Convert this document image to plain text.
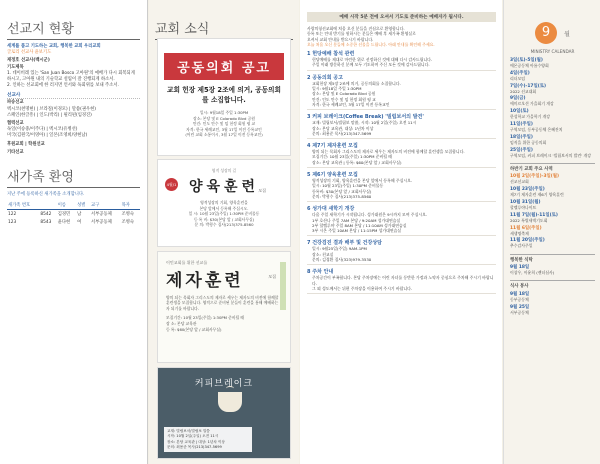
선교지 현황
세계를 품고 기도하는 교회, 행복한 교회 우리교회
글로리 선교사 윤보기도
재정호 선교사(백시군)
기도제목
1. 데이비레 있는 'San Juan Bosco 고아원'의 예배가 다시 회복되게 하시고, 고아원 내의 기술학교 설립이 잘 진행되게 하소서.
2. 인하는 선교회에 한 러지면 언서와 독회위를 보내 주소서.
선교사
파송선교
멕시코(천명현) | 브라질(이경모) | 말씀(권우현)
스페인(한글흥) | 인도(박리) | 필리핀(임경진)
협력선교
독일(이승중/이주다) | 멕시코(유병선)
미국(김원국/이영아) | 일본(조영희/양현남)
후원교회 | 학원선교
기타선교
새가족 환영
지난 주에 등록하신 새가족을 소개합니다.
새가족 번호		이름	성별	교구	목자
122	8542	김경민	남	서부공동체	조병숙
123	8543	윤다현	여	서부공동체	조병숙
교회 소식
공동의회 공고
교회 헌장 제5장 2조에 의거, 공동의회를 소집합니다.
일시: 9월18일 주일 1:30PM
장소: 본당 및 E Colorado Blvd 공원
안건: 인도 안수 및 임 헌정 회원 평 교
자격: 한국 세례교인, 3월 17일 이전 등록교인
(어린 교회 소통이시, 3월 17일 이전 등록교인)
4월/1
영적 성장의 길
양육훈련 모집
영적성장의 기회, 양육훈련을
본당 앞에서 등록해 주십시오.
일 시: 10월 23일(주일) 1:30PM 준비물동
등 록 비: $30(본당 앞 / 교회사무실)
문 의: 박형수 집사(213)375-8560
이민교회를 위한 선교를
제자훈련	모집
양의 되는 목회자 그리스도의 제자로 세우는 제자도의 비전에 함께할 훈련생을 모집합니다. 영적으로 준비된 분들이 훈련을 통해 예배하는 자 되기를 바랍니다.
모집기간: 10월 23일(주일) 1:30PM 준비될 때
장 소: 본당 교육관
등 록: $60(본당 앞 / 교회사무실)
커피브레이크
교재: 빌립보서/빌립보 말씀
시작: 10월 2일(주일) 오전 11시
장소: 본당 교육관 | 대상: 1년차 이상
문의: 최용준 목사(213)347-5699
예배 시작 5분 전에 오셔서 기도로 준비하는 예배자가 됩시다.
사랑의청선교회에 처음 오신 분들을 진심으로 환영합니다.
등록 또는 안내 받기를 원하시는 분들은 예배 후 새가족 환영실로
오셔서 교회 안내를 받으시기 바랍니다.
오늘 처음 오신 분들께 소중한 선물을 드립니다. 아래 안내를 확인해 주세요.
1 헌당예배 참석 관련
헌당예배를 제대로 마련한 위로 선정하신 것에 대해 다시 감사드립니다.
주일 이래 방문하신 분께 모두 기도하며 주신 모든 것에 감사드립니다.
2 공동의회 공고
교회헌장 제5장 2조에 의거, 공동의회를 소집합니다.
일시: 9월18일 주일 1:30PM
장소: 본당 및 E Colorado Blvd 공원
안건: 인도 안수 및 임 헌정 회원 평 교
자격: 한국 세례교인, 3월 17일 이전 등록교인
3 커피 브레이크(Coffee Break) '빌립보서의 발견'
교재: 빌립보서/빌립보 말씀, 시작: 10월 2일(주일) 오전 11시
장소: 본당 교육관, 대상: 1년차 이상
문의: 최용준 목사(213)347-5699
4 제7기 제자훈련 모집
양의 되는 목회자 그리스도의 제자로 세우는 제자도의 비전에 함께할 훈련생을 모집합니다.
모집기간: 10월 23일(주일) 1:30PM 준비될 때
장소: 본당 교육관 | 등록: $60(본당 앞 / 교회사무실)
5 제6기 양육훈련 모집
영적성장의 기회, 양육훈련을 본당 앞에서 등록해 주십시오.
일시: 10월 23일(주일) 1:30PM 준비물동
등록비: $30(본당 앞 / 교회사무실)
문의: 박형수 집사(213)375-8560
6 성가대 새학기 개강
다음 주일 새학기가 시작됩니다. 성가대원은 9시까지 모여 주십시오.
1부 호산나 주일 7AM 본당 / 9:20AM 성가대연습실
2부 할렐루야 주일 8AM 본당 / 11:10AM 성가대연습실
3부 시온 주일 10AM 본당 / 11:15PM 성가대연습실
7 건강검진 결과 배부 및 건강상담
일시: 9월25일(주일) 9AM-1PM
장소: 친교실
문의: 김경환 집사(323)979-3530
8 주차 안내
주차공간이 부족합니다. 본당 주차장에는 어린 자녀를 동반한 가정과 노약자 중심으로 주차해 주시기 바랍니다.
그 외 성도께서는 뒤편 주차장을 이용하여 주시기 바랍니다.
9 월
MINISTRY CALENDAR
3일(토)-5일(월)
에몬공동체 아름수양회
4일(주일)
리더모임
7일(수)-17일(토)
2022 선교대회
9일(금)
애미르오션 가을회기 개강
10일(토)
한성학교 가을학기 개강
11일(주일)
구역모임, 동부공동체 은혜잔치
18일(주일)
임직을 위한 공동의회
25일(주일)
구역모임, 커피 브레이크 '빌립보서의 발견' 개강
하반기 교회 주요 사역
10월 2일(주일)-3일(월)
선교선교회
10월 23일(주일)
제7기 제자훈련 제6기 양육훈련
10월 31일(월)
할렐루야나이트
11월 7일(월)-11일(토)
2022 특별새벽기도회
11월 6일(주일)
새생명축제
11월 20일(주일)
추수감사주일
행복한 식탁
9월 18일
이창우, 이윤희 (젠더심사)
식사 봉사
9월 18일
동부공동체
9월 25일
서부공동체
